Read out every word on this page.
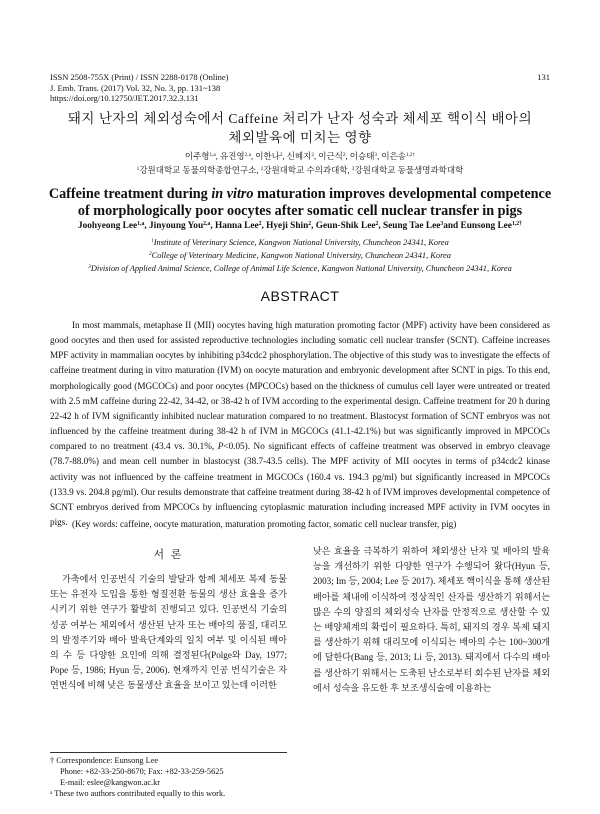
ISSN 2508-755X (Print) / ISSN 2288-0178 (Online)
J. Emb. Trans. (2017) Vol. 32, No. 3, pp. 131~138
https://doi.org/10.12750/JET.2017.32.3.131
131
돼지 난자의 체외성숙에서 Caffeine 처리가 난자 성숙과 체세포 핵이식 배아의
체외발육에 미치는 영향
이주형$^{1,a}$, 유진영$^{2,a}$, 이한나$^2$, 신혜지$^2$, 이근식$^2$, 이승태$^3$, 이은송$^{1,2\dagger}$
$^1$강원대학교 동물의학종합연구소, $^2$강원대학교 수의과대학, $^3$강원대학교 동물생명과학대학
Caffeine treatment during in vitro maturation improves developmental competence
of morphologically poor oocytes after somatic cell nuclear transfer in pigs
Joohyeong Lee$^{1,a}$, Jinyoung You$^{2,a}$, Hanna Lee$^2$, Hyeji Shin$^2$, Geun-Shik Lee$^2$, Seung Tae Lee$^3$and Eunsong Lee$^{1,2\dagger}$
$^1$Institute of Veterinary Science, Kangwon National University, Chuncheon 24341, Korea
$^2$College of Veterinary Medicine, Kangwon National University, Chuncheon 24341, Korea
$^3$Division of Applied Animal Science, College of Animal Life Science, Kangwon National University, Chuncheon 24341, Korea
ABSTRACT
In most mammals, metaphase II (MII) oocytes having high maturation promoting factor (MPF) activity have been considered as good oocytes and then used for assisted reproductive technologies including somatic cell nuclear transfer (SCNT). Caffeine increases MPF activity in mammalian oocytes by inhibiting p34cdc2 phosphorylation. The objective of this study was to investigate the effects of caffeine treatment during in vitro maturation (IVM) on oocyte maturation and embryonic development after SCNT in pigs. To this end, morphologically good (MGCOCs) and poor oocytes (MPCOCs) based on the thickness of cumulus cell layer were untreated or treated with 2.5 mM caffeine during 22-42, 34-42, or 38-42 h of IVM according to the experimental design. Caffeine treatment for 20 h during 22-42 h of IVM significantly inhibited nuclear maturation compared to no treatment. Blastocyst formation of SCNT embryos was not influenced by the caffeine treatment during 38-42 h of IVM in MGCOCs (41.1-42.1%) but was significantly improved in MPCOCs compared to no treatment (43.4 vs. 30.1%, P<0.05). No significant effects of caffeine treatment was observed in embryo cleavage (78.7-88.0%) and mean cell number in blastocyst (38.7-43.5 cells). The MPF activity of MII oocytes in terms of p34cdc2 kinase activity was not influenced by the caffeine treatment in MGCOCs (160.4 vs. 194.3 pg/ml) but significantly increased in MPCOCs (133.9 vs. 204.8 pg/ml). Our results demonstrate that caffeine treatment during 38-42 h of IVM improves developmental competence of SCNT embryos derived from MPCOCs by influencing cytoplasmic maturation including increased MPF activity in IVM oocytes in pigs. (Key words: caffeine, oocyte maturation, maturation promoting factor, somatic cell nuclear transfer, pig)
서 론
가축에서 인공번식 기술의 발달과 함께 체세포 복제 동물 또는 유전자 도입을 통한 형질전환 동물의 생산 효율을 증가시키기 위한 연구가 활발히 진행되고 있다. 인공번식 기술의 성공 여부는 체외에서 생산된 난자 또는 배아의 품질, 대리모의 발정주기와 배아 발육단계와의 일치 여부 및 이식된 배아의 수 등 다양한 요인에 의해 결정된다(Polge와 Day, 1977; Pope 등, 1986; Hyun 등, 2006). 현재까지 인공 번식기술은 자연번식에 비해 낮은 동물생산 효율을 보이고 있는데 이러한
낮은 효율을 극복하기 위하여 체외생산 난자 및 배아의 발육능을 개선하기 위한 다양한 연구가 수행되어 왔다(Hyun 등, 2003; Im 등, 2004; Lee 등 2017). 체세포 핵이식을 통해 생산된 배아를 체내에 이식하여 정상적인 산자를 생산하기 위해서는 많은 수의 양질의 체외성숙 난자를 안정적으로 생산할 수 있는 배양체계의 확립이 필요하다. 특히, 돼지의 경우 복제 돼지를 생산하기 위해 대리모에 이식되는 배아의 수는 100~300개에 달한다(Bang 등, 2013; Li 등, 2013). 돼지에서 다수의 배아를 생산하기 위해서는 도축된 난소로부터 회수된 난자를 체외에서 성숙을 유도한 후 보조생식술에 이용하는
† Correspondence: Eunsong Lee
Phone: +82-33-250-8670; Fax: +82-33-259-5625
E-mail: eslee@kangwon.ac.kr
ᵃ These two authors contributed equally to this work.
